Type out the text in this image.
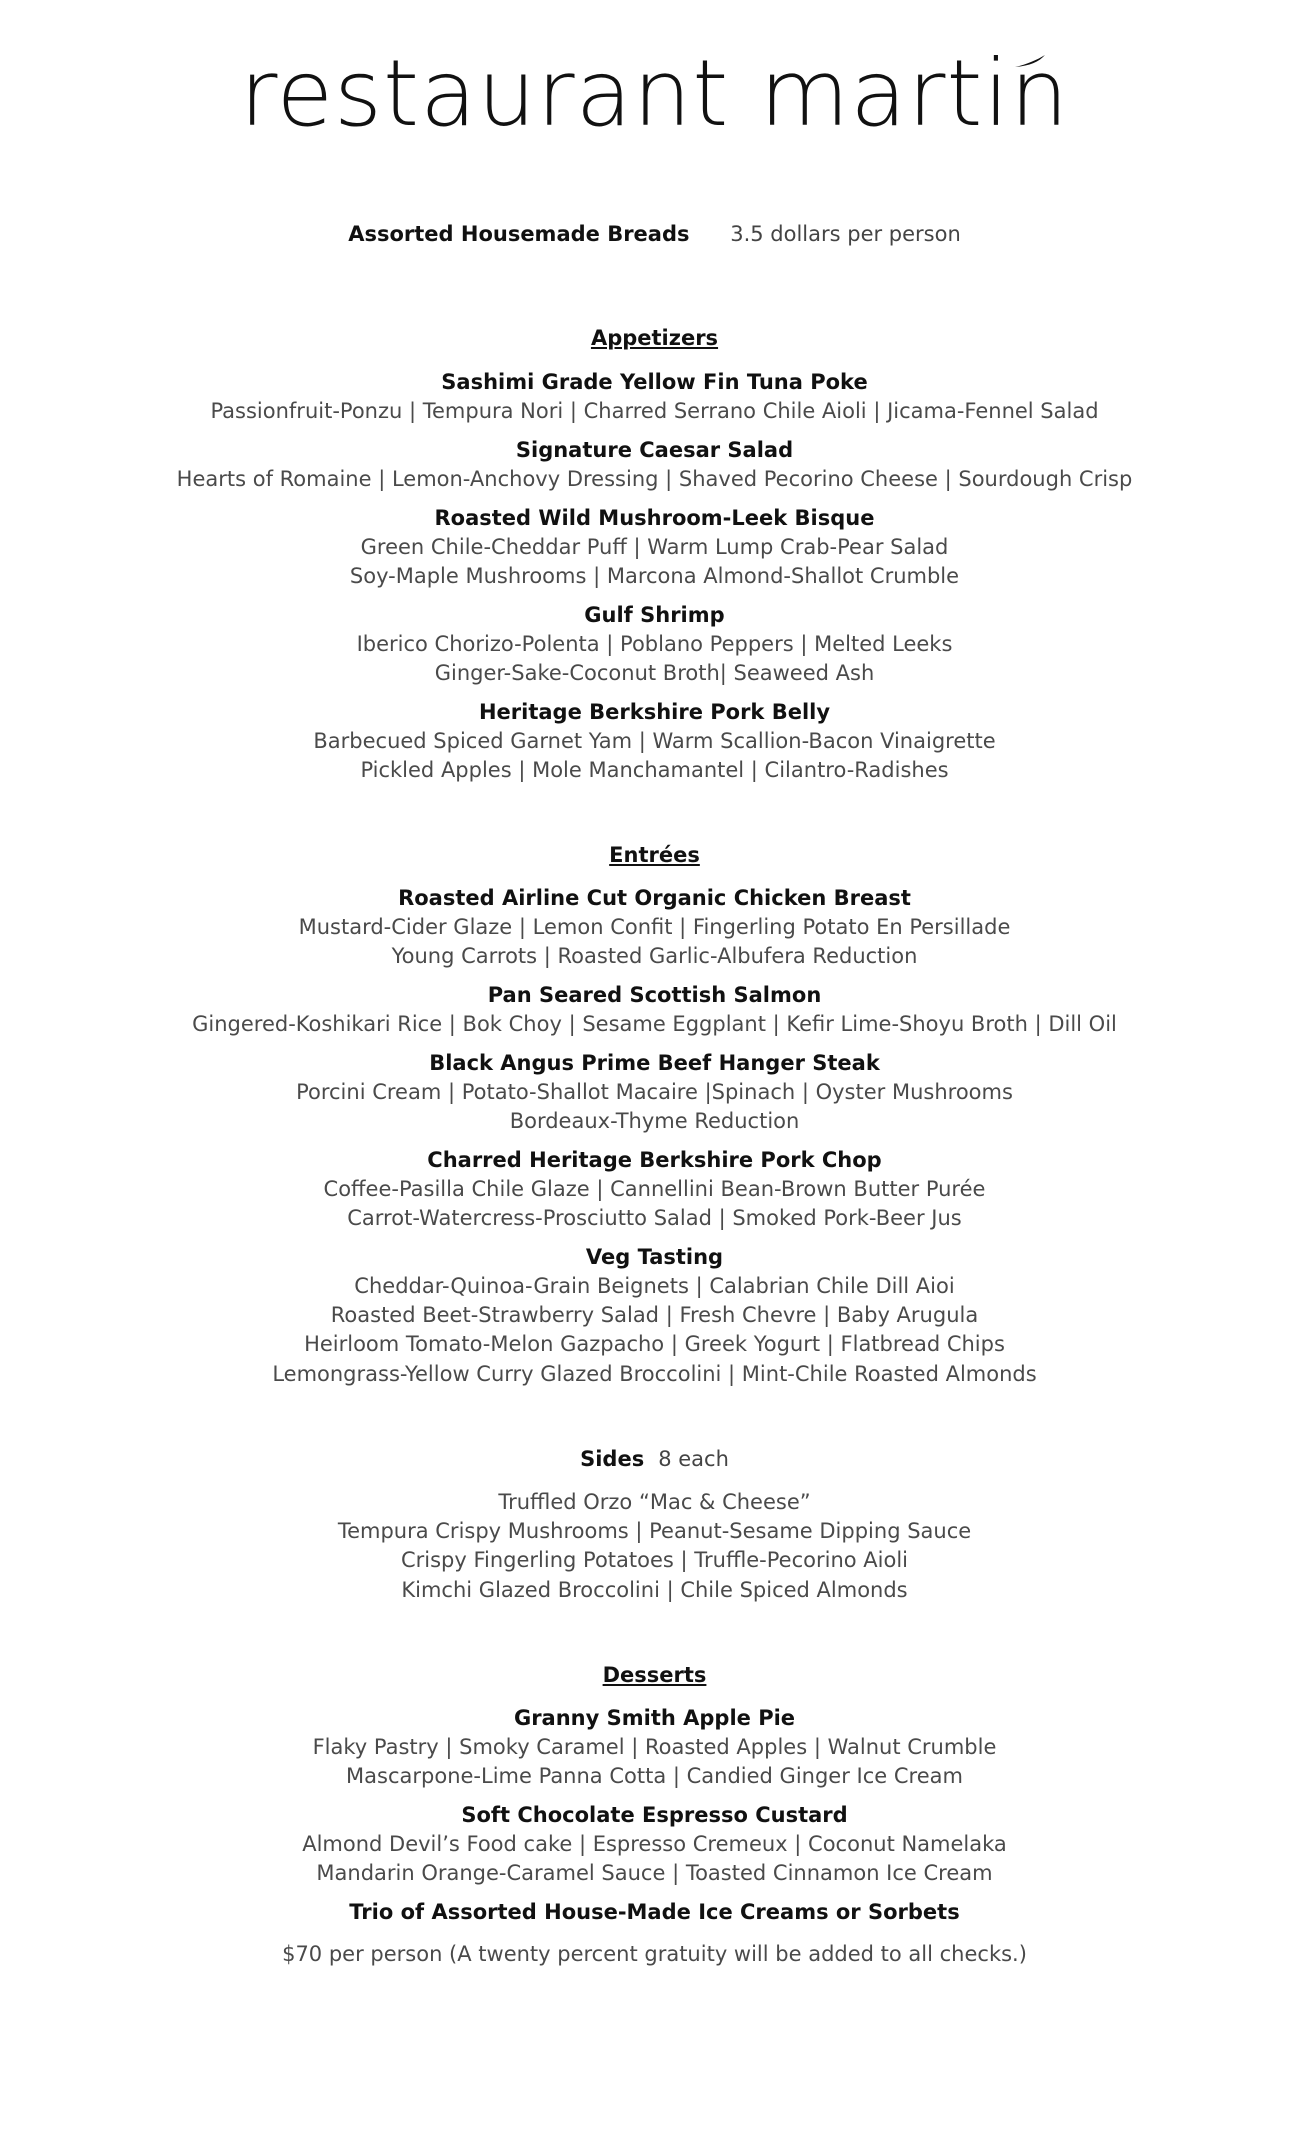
restaurant martin
Assorted Housemade Breads 3.5 dollars per person
Appetizers
Sashimi Grade Yellow Fin Tuna Poke
Passionfruit-Ponzu | Tempura Nori | Charred Serrano Chile Aioli | Jicama-Fennel Salad
Signature Caesar Salad
Hearts of Romaine | Lemon-Anchovy Dressing | Shaved Pecorino Cheese | Sourdough Crisp
Roasted Wild Mushroom-Leek Bisque
Green Chile-Cheddar Puff | Warm Lump Crab-Pear Salad
Soy-Maple Mushrooms | Marcona Almond-Shallot Crumble
Gulf Shrimp
Iberico Chorizo-Polenta | Poblano Peppers | Melted Leeks
Ginger-Sake-Coconut Broth| Seaweed Ash
Heritage Berkshire Pork Belly
Barbecued Spiced Garnet Yam | Warm Scallion-Bacon Vinaigrette
Pickled Apples | Mole Manchamantel | Cilantro-Radishes
Entrées
Roasted Airline Cut Organic Chicken Breast
Mustard-Cider Glaze | Lemon Confit | Fingerling Potato En Persillade
Young Carrots | Roasted Garlic-Albufera Reduction
Pan Seared Scottish Salmon
Gingered-Koshikari Rice | Bok Choy | Sesame Eggplant | Kefir Lime-Shoyu Broth | Dill Oil
Black Angus Prime Beef Hanger Steak
Porcini Cream | Potato-Shallot Macaire |Spinach | Oyster Mushrooms
Bordeaux-Thyme Reduction
Charred Heritage Berkshire Pork Chop
Coffee-Pasilla Chile Glaze | Cannellini Bean-Brown Butter Purée
Carrot-Watercress-Prosciutto Salad | Smoked Pork-Beer Jus
Veg Tasting
Cheddar-Quinoa-Grain Beignets | Calabrian Chile Dill Aioi
Roasted Beet-Strawberry Salad | Fresh Chevre | Baby Arugula
Heirloom Tomato-Melon Gazpacho | Greek Yogurt | Flatbread Chips
Lemongrass-Yellow Curry Glazed Broccolini | Mint-Chile Roasted Almonds
Sides 8 each
Truffled Orzo “Mac & Cheese”
Tempura Crispy Mushrooms | Peanut-Sesame Dipping Sauce
Crispy Fingerling Potatoes | Truffle-Pecorino Aioli
Kimchi Glazed Broccolini | Chile Spiced Almonds
Desserts
Granny Smith Apple Pie
Flaky Pastry | Smoky Caramel | Roasted Apples | Walnut Crumble
Mascarpone-Lime Panna Cotta | Candied Ginger Ice Cream
Soft Chocolate Espresso Custard
Almond Devil’s Food cake | Espresso Cremeux | Coconut Namelaka
Mandarin Orange-Caramel Sauce | Toasted Cinnamon Ice Cream
Trio of Assorted House-Made Ice Creams or Sorbets
$70 per person (A twenty percent gratuity will be added to all checks.)
